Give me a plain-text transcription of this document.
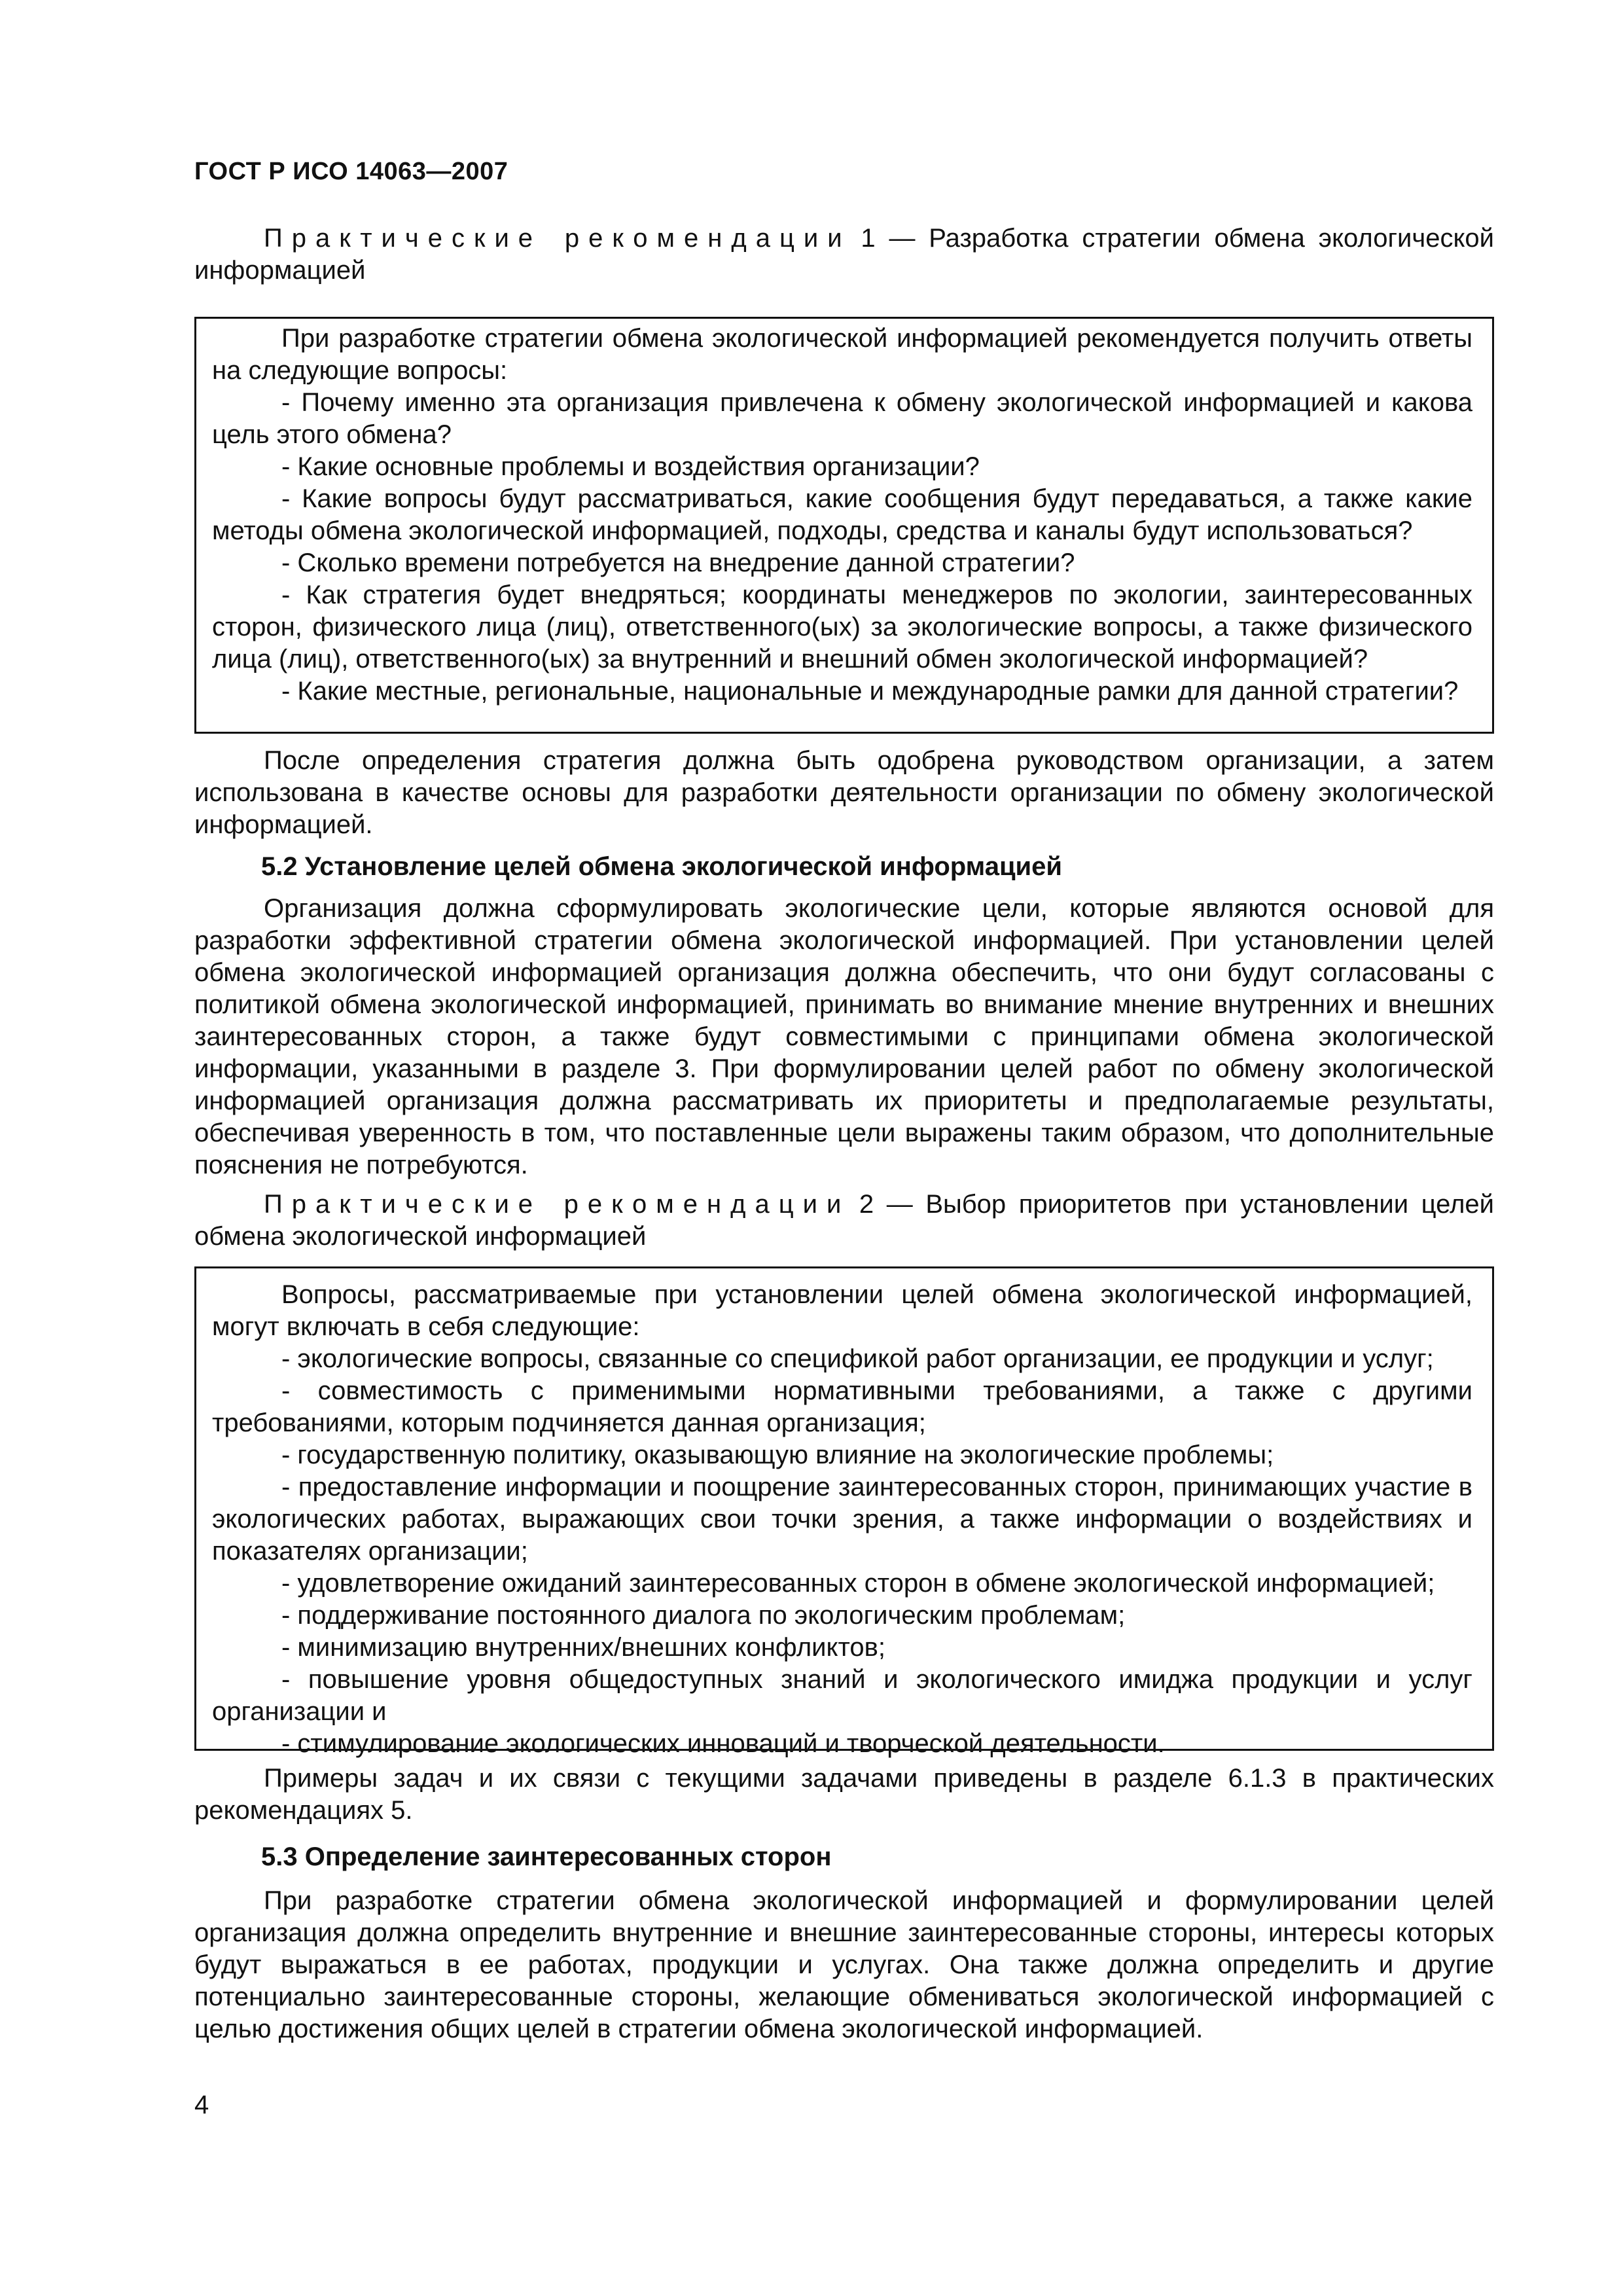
ГОСТ Р ИСО 14063—2007

Практические рекомендации 1 — Разработка стратегии обмена экологической информацией

При разработке стратегии обмена экологической информацией рекомендуется получить ответы на следующие вопросы:

- Почему именно эта организация привлечена к обмену экологической информацией и какова цель этого обмена?

- Какие основные проблемы и воздействия организации?

- Какие вопросы будут рассматриваться, какие сообщения будут передаваться, а также какие методы обмена экологической информацией, подходы, средства и каналы будут использоваться?

- Сколько времени потребуется на внедрение данной стратегии?

- Как стратегия будет внедряться; координаты менеджеров по экологии, заинтересованных сторон, физического лица (лиц), ответственного(ых) за экологические вопросы, а также физического лица (лиц), ответственного(ых) за внутренний и внешний обмен экологической информацией?

- Какие местные, региональные, национальные и международные рамки для данной стратегии?

После определения стратегия должна быть одобрена руководством организации, а затем использована в качестве основы для разработки деятельности организации по обмену экологической информацией.

5.2 Установление целей обмена экологической информацией

Организация должна сформулировать экологические цели, которые являются основой для разработки эффективной стратегии обмена экологической информацией. При установлении целей обмена экологической информацией организация должна обеспечить, что они будут согласованы с политикой обмена экологической информацией, принимать во внимание мнение внутренних и внешних заинтересованных сторон, а также будут совместимыми с принципами обмена экологической информации, указанными в разделе 3. При формулировании целей работ по обмену экологической информацией организация должна рассматривать их приоритеты и предполагаемые результаты, обеспечивая уверенность в том, что поставленные цели выражены таким образом, что дополнительные пояснения не потребуются.

Практические рекомендации 2 — Выбор приоритетов при установлении целей обмена экологической информацией

Вопросы, рассматриваемые при установлении целей обмена экологической информацией, могут включать в себя следующие:

- экологические вопросы, связанные со спецификой работ организации, ее продукции и услуг;

- совместимость с применимыми нормативными требованиями, а также с другими требованиями, которым подчиняется данная организация;

- государственную политику, оказывающую влияние на экологические проблемы;

- предоставление информации и поощрение заинтересованных сторон, принимающих участие в экологических работах, выражающих свои точки зрения, а также информации о воздействиях и показателях организации;

- удовлетворение ожиданий заинтересованных сторон в обмене экологической информацией;

- поддерживание постоянного диалога по экологическим проблемам;

- минимизацию внутренних/внешних конфликтов;

- повышение уровня общедоступных знаний и экологического имиджа продукции и услуг организации и

- стимулирование экологических инноваций и творческой деятельности.

Примеры задач и их связи с текущими задачами приведены в разделе 6.1.3 в практических рекомендациях 5.

5.3 Определение заинтересованных сторон

При разработке стратегии обмена экологической информацией и формулировании целей организация должна определить внутренние и внешние заинтересованные стороны, интересы которых будут выражаться в ее работах, продукции и услугах. Она также должна определить и другие потенциально заинтересованные стороны, желающие обмениваться экологической информацией с целью достижения общих целей в стратегии обмена экологической информацией.

4
